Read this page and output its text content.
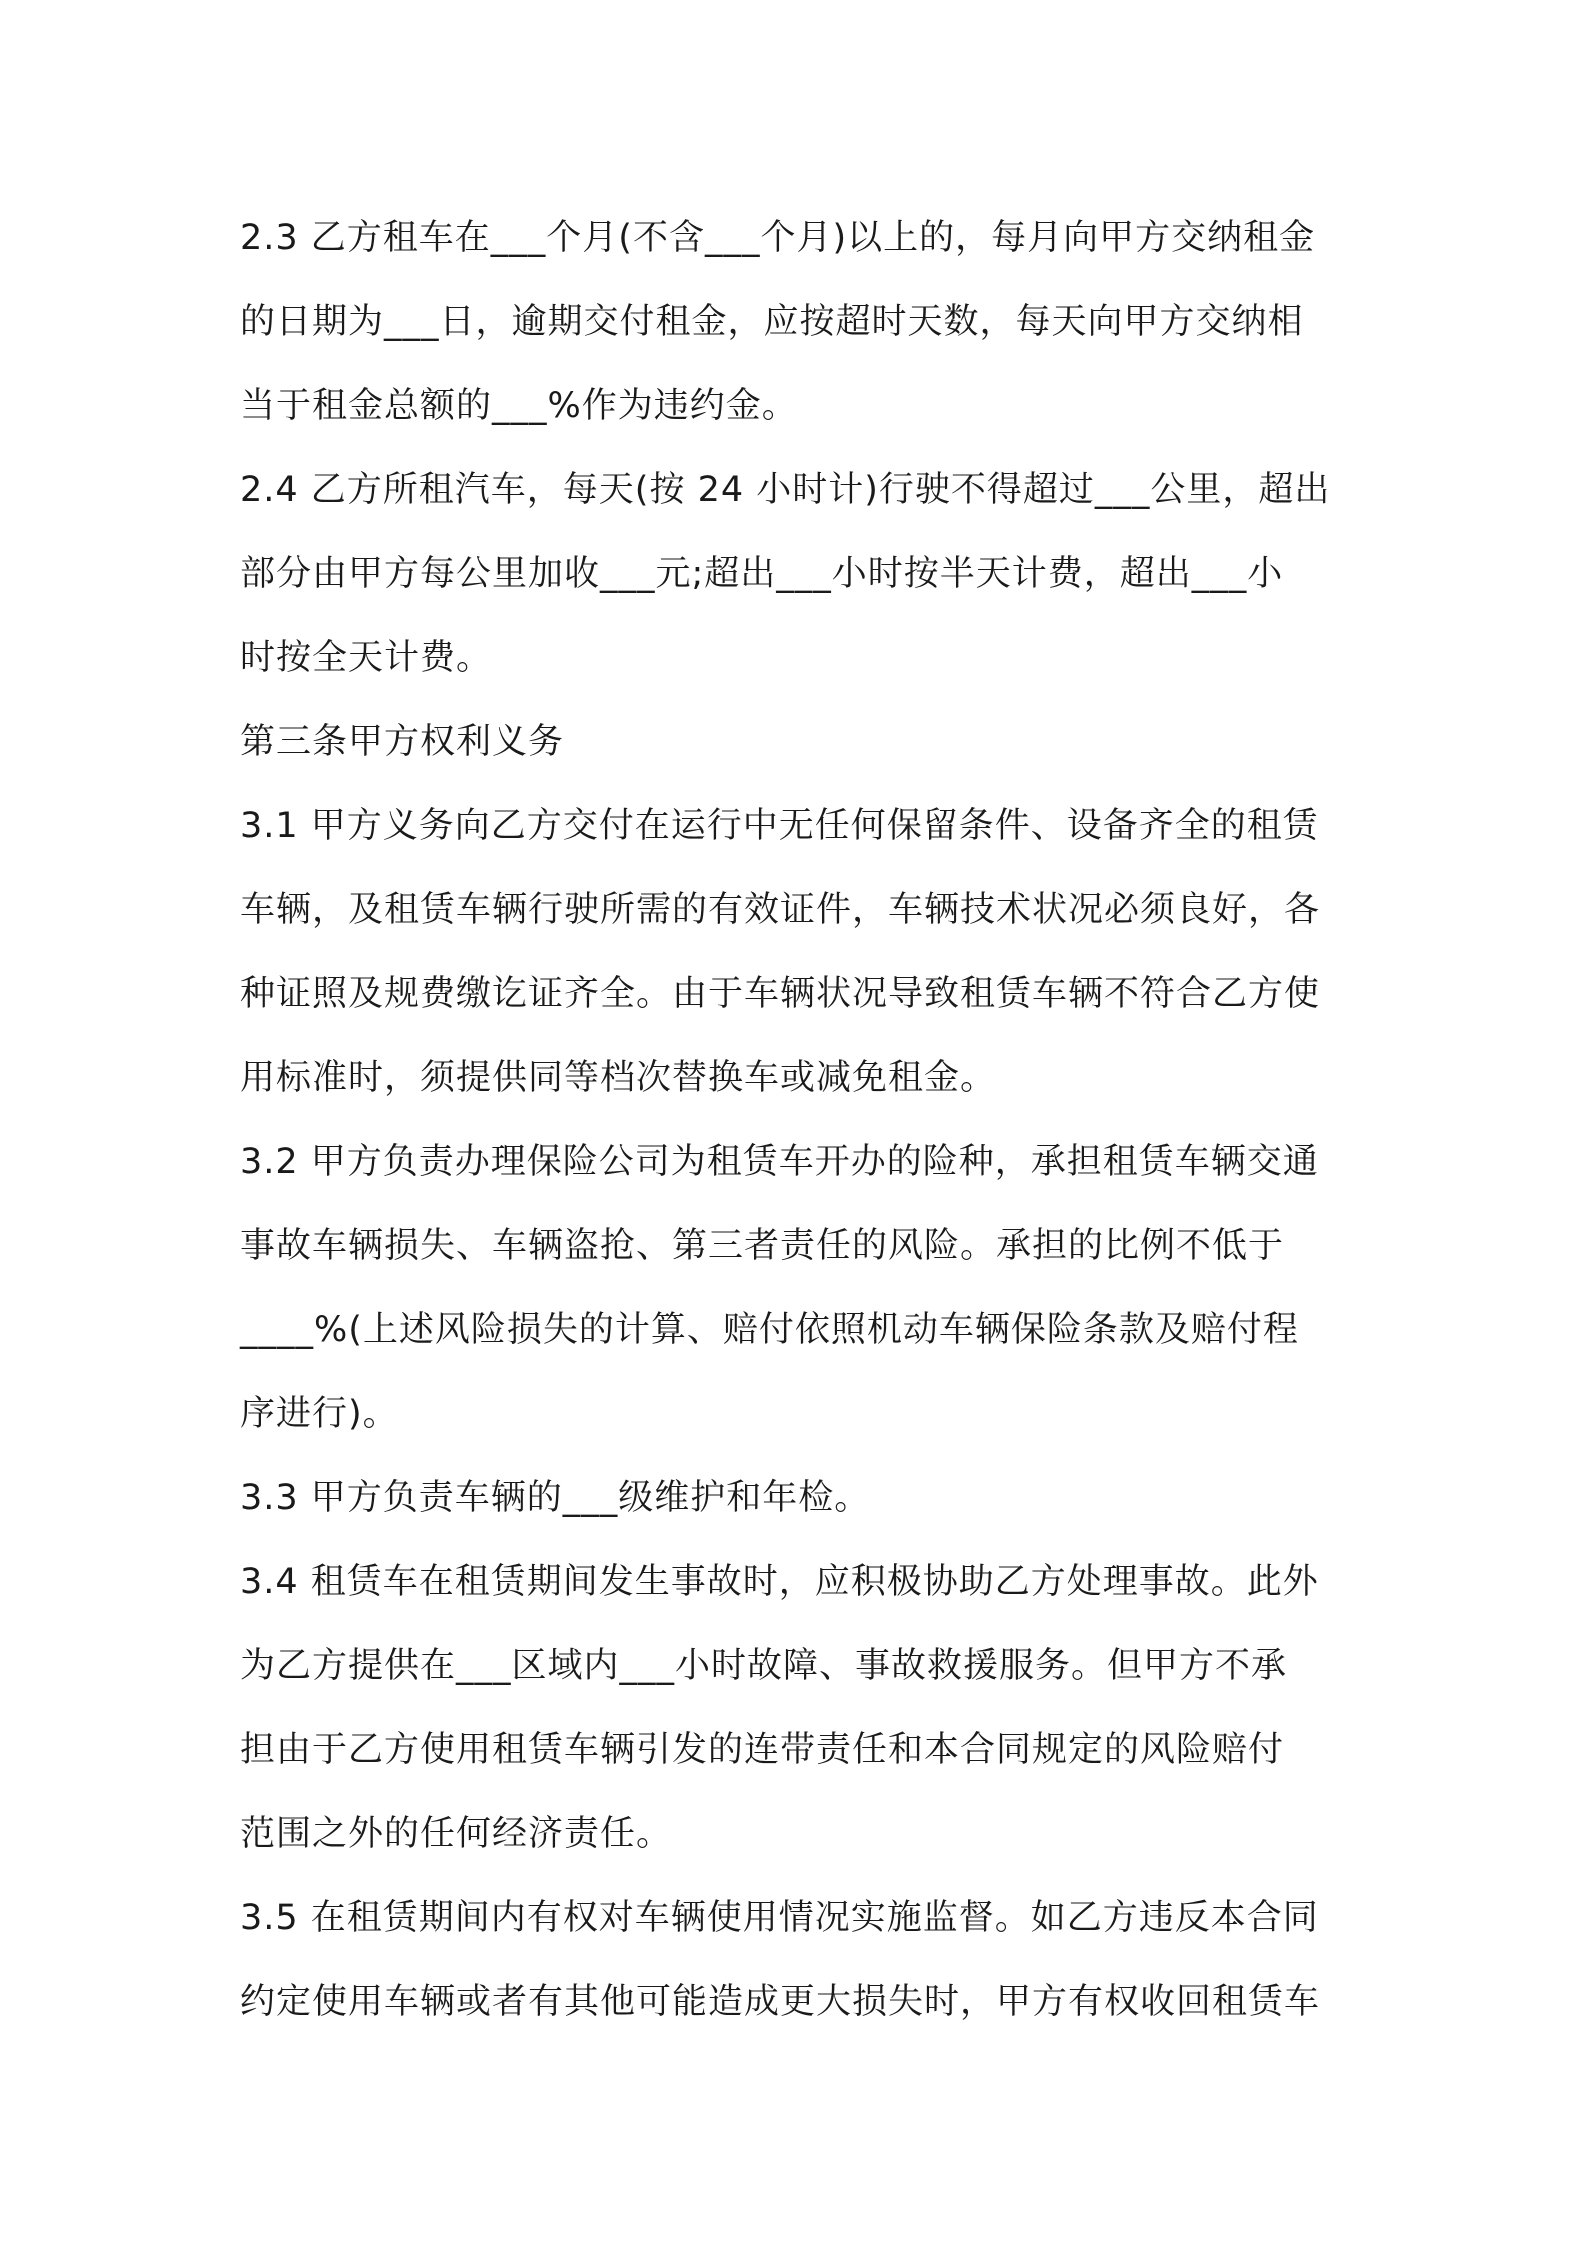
2.3 乙方租车在___个月(不含___个月)以上的，每月向甲方交纳租金
的日期为___日，逾期交付租金，应按超时天数，每天向甲方交纳相
当于租金总额的___%作为违约金。

2.4 乙方所租汽车，每天(按 24 小时计)行驶不得超过___公里，超出
部分由甲方每公里加收___元;超出___小时按半天计费，超出___小
时按全天计费。

第三条甲方权利义务

3.1 甲方义务向乙方交付在运行中无任何保留条件、设备齐全的租赁
车辆，及租赁车辆行驶所需的有效证件，车辆技术状况必须良好，各
种证照及规费缴讫证齐全。由于车辆状况导致租赁车辆不符合乙方使
用标准时，须提供同等档次替换车或减免租金。

3.2 甲方负责办理保险公司为租赁车开办的险种，承担租赁车辆交通
事故车辆损失、车辆盗抢、第三者责任的风险。承担的比例不低于
____%(上述风险损失的计算、赔付依照机动车辆保险条款及赔付程
序进行)。

3.3 甲方负责车辆的___级维护和年检。

3.4 租赁车在租赁期间发生事故时，应积极协助乙方处理事故。此外
为乙方提供在___区域内___小时故障、事故救援服务。但甲方不承
担由于乙方使用租赁车辆引发的连带责任和本合同规定的风险赔付
范围之外的任何经济责任。

3.5 在租赁期间内有权对车辆使用情况实施监督。如乙方违反本合同
约定使用车辆或者有其他可能造成更大损失时，甲方有权收回租赁车
